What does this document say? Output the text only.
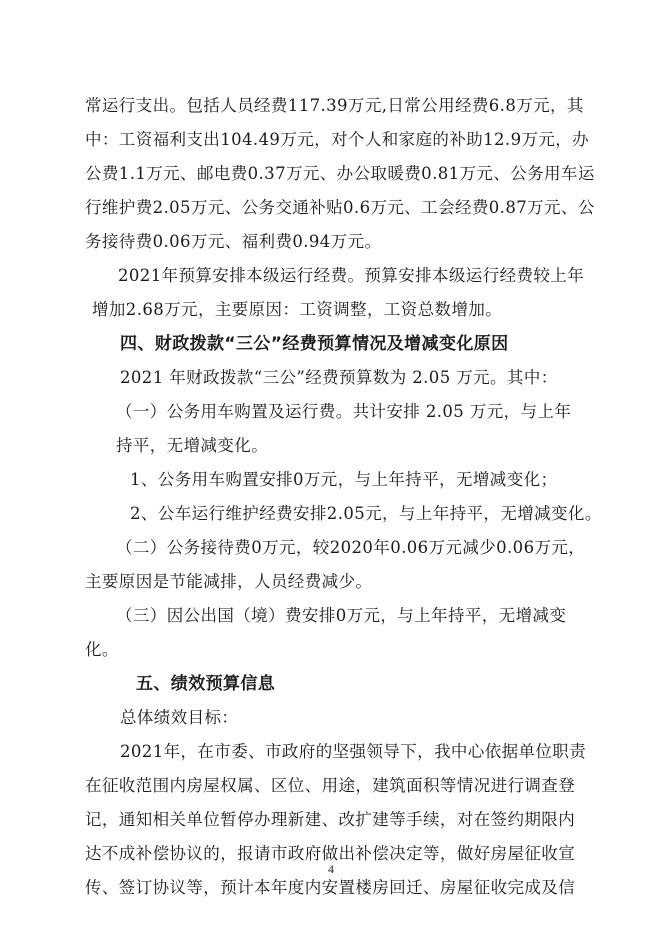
常运行支出。包括人员经费117.39万元,日常公用经费6.8万元，其
中：工资福利支出104.49万元，对个人和家庭的补助12.9万元，办
公费1.1万元、邮电费0.37万元、办公取暖费0.81万元、公务用车运
行维护费2.05万元、公务交通补贴0.6万元、工会经费0.87万元、公
务接待费0.06万元、福利费0.94万元。
2021年预算安排本级运行经费。预算安排本级运行经费较上年
增加2.68万元，主要原因：工资调整，工资总数增加。
四、财政拨款“三公”经费预算情况及增减变化原因
2021 年财政拨款“三公”经费预算数为 2.05 万元。其中：
（一）公务用车购置及运行费。共计安排 2.05 万元，与上年
持平，无增减变化。
1、公务用车购置安排0万元，与上年持平，无增减变化；
2、公车运行维护经费安排2.05元，与上年持平，无增减变化。
（二）公务接待费0万元，较2020年0.06万元减少0.06万元，
主要原因是节能减排，人员经费减少。
（三）因公出国（境）费安排0万元，与上年持平，无增减变
化。
五、绩效预算信息
总体绩效目标：
2021年，在市委、市政府的坚强领导下，我中心依据单位职责
在征收范围内房屋权属、区位、用途，建筑面积等情况进行调查登
记，通知相关单位暂停办理新建、改扩建等手续，对在签约期限内
达不成补偿协议的，报请市政府做出补偿决定等，做好房屋征收宣
传、签订协议等，预计本年度内安置楼房回迁、房屋征收完成及信
4
